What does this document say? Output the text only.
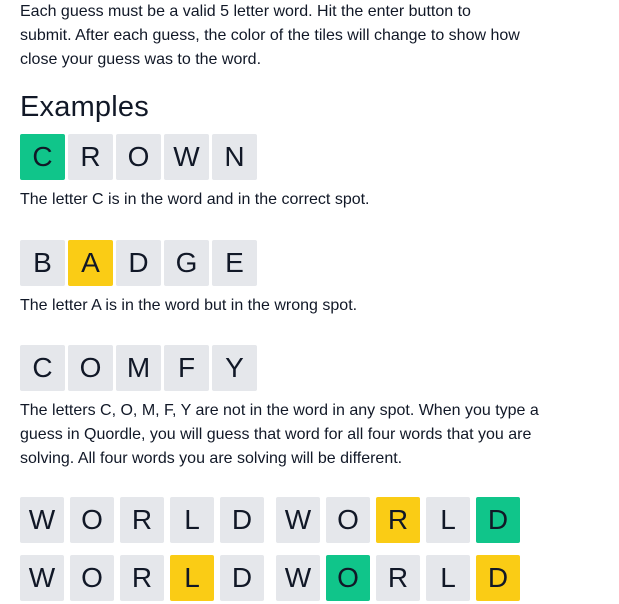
Each guess must be a valid 5 letter word. Hit the enter button to submit. After each guess, the color of the tiles will change to show how close your guess was to the word.

Examples
C R O W N

The letter C is in the word and in the correct spot.

B	A	D G E

The letter A is in the word but in the wrong spot.

C O M F	Y

The letters C, O, M, F, Y are not in the word in any spot. When you type a guess in Quordle, you will guess that word for all four words that you are solving. All four words you are solving will be different.

W O	R	L	D	W O	R	L	D
W O	R	L	D	W O	R	L	D
